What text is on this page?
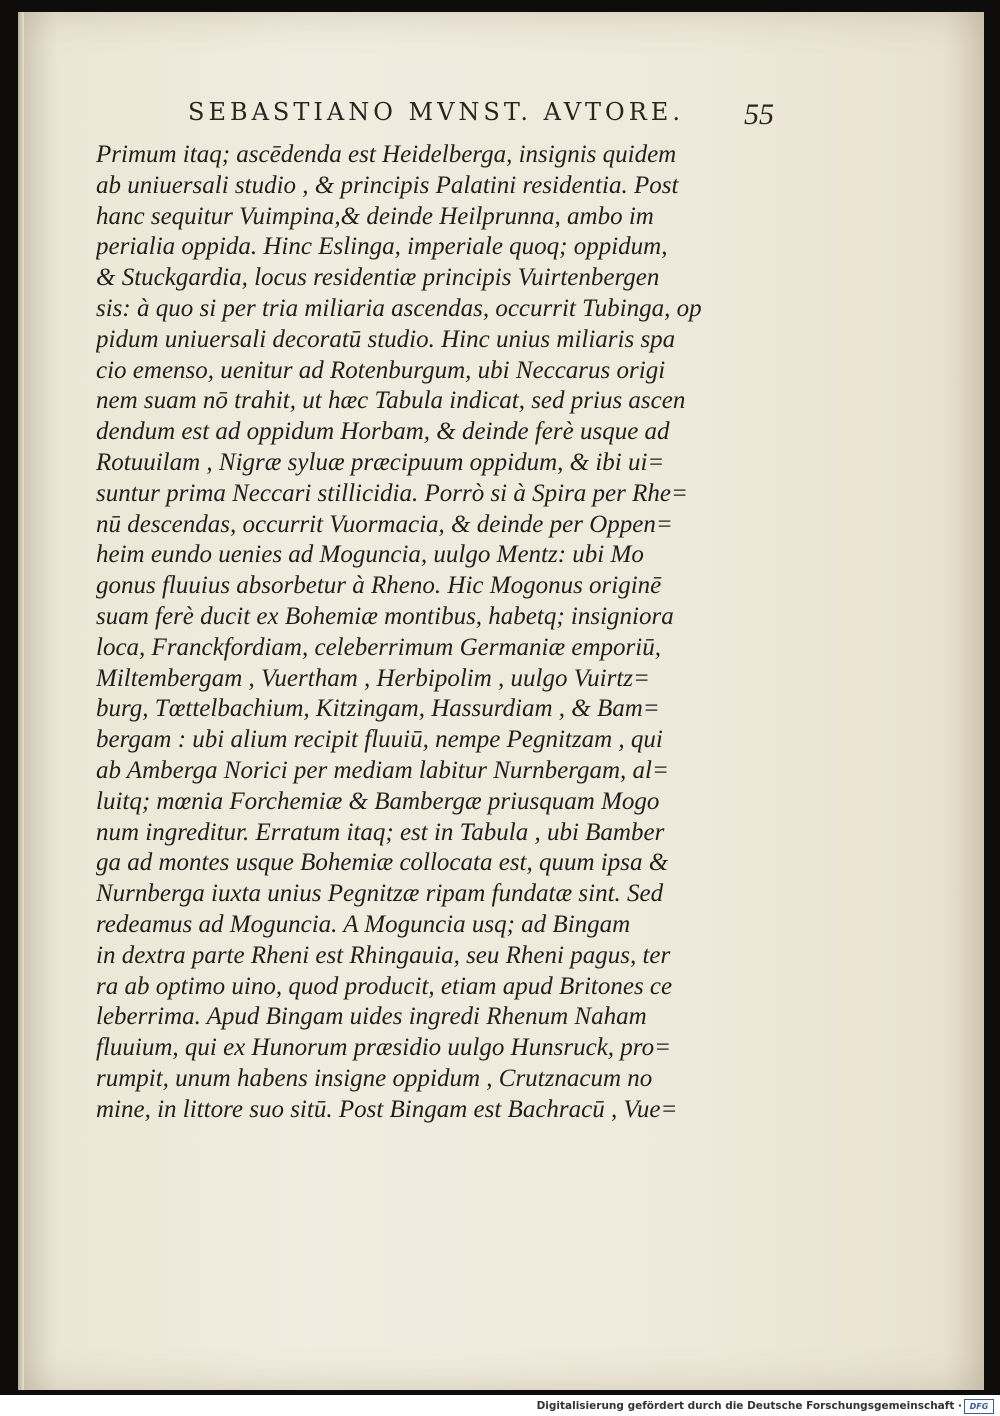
SEBASTIANO MVNST. AVTORE. 55
Primum itaq; ascēdenda est Heidelberga, insignis quidem
ab uniuersali studio , & principis Palatini residentia. Post
hanc sequitur Vuimpina,& deinde Heilprunna, ambo im
perialia oppida. Hinc Eslinga, imperiale quoq; oppidum,
& Stuckgardia, locus residentiæ principis Vuirtenbergen
sis: à quo si per tria miliaria ascendas, occurrit Tubinga, op
pidum uniuersali decoratū studio. Hinc unius miliaris spa
cio emenso, uenitur ad Rotenburgum, ubi Neccarus origi
nem suam nō trahit, ut hæc Tabula indicat, sed prius ascen
dendum est ad oppidum Horbam, & deinde ferè usque ad
Rotuuilam , Nigræ syluæ præcipuum oppidum, & ibi ui=
suntur prima Neccari stillicidia. Porrò si à Spira per Rhe=
nū descendas, occurrit Vuormacia, & deinde per Oppen=
heim eundo uenies ad Moguncia, uulgo Mentz: ubi Mo
gonus fluuius absorbetur à Rheno. Hic Mogonus originē
suam ferè ducit ex Bohemiæ montibus, habetq; insigniora
loca, Franckfordiam, celeberrimum Germaniæ emporiū,
Miltembergam , Vuertham , Herbipolim , uulgo Vuirtz=
burg, Tœttelbachium, Kitzingam, Hassurdiam , & Bam=
bergam : ubi alium recipit fluuiū, nempe Pegnitzam , qui
ab Amberga Norici per mediam labitur Nurnbergam, al=
luitq; mœnia Forchemiæ & Bambergæ priusquam Mogo
num ingreditur. Erratum itaq; est in Tabula , ubi Bamber
ga ad montes usque Bohemiæ collocata est, quum ipsa &
Nurnberga iuxta unius Pegnitzæ ripam fundatæ sint. Sed
redeamus ad Moguncia. A Moguncia usq; ad Bingam
in dextra parte Rheni est Rhingauia, seu Rheni pagus, ter
ra ab optimo uino, quod producit, etiam apud Britones ce
leberrima. Apud Bingam uides ingredi Rhenum Naham
fluuium, qui ex Hunorum præsidio uulgo Hunsruck, pro=
rumpit, unum habens insigne oppidum , Crutznacum no
mine, in littore suo sitū. Post Bingam est Bachracū , Vue=
Digitalisierung gefördert durch die Deutsche Forschungsgemeinschaft · DFG
